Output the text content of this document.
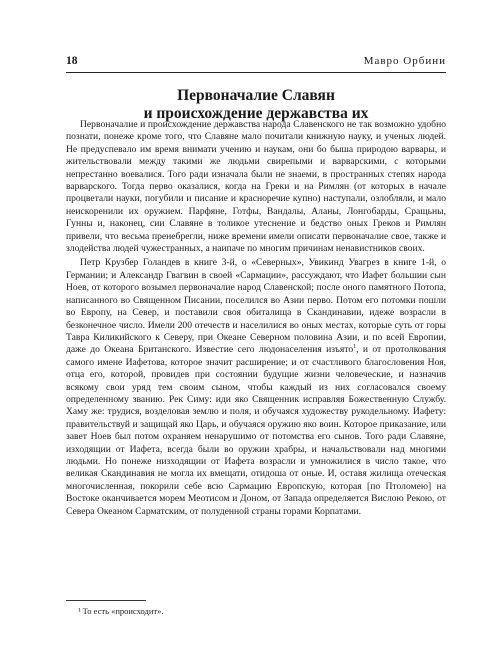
18	Мавро Орбини
Первоначалие Славян
и происхождение державства их

Первоначалие и происхождение державства народа Славенского не так возможно удобно познати, понеже кроме того, что Славяне мало почитали книжную науку, и ученых людей. Не предуспевало им время внимати учению и наукам, они бо быша природою варвары, и жительствовали между такими же людьми свирепыми и варварскими, с которыми непрестанно воевалися. Того ради изначала были не знаеми, в пространных степях народа варварского. Тогда перво оказалися, когда на Греки и на Римлян (от которых в начале процветали науки, погубили и писание и красноречие купно) наступали, озлобляли, и мало неискоренили их оружием. Парфяне, Готфы, Вандалы, Аланы, Лонгобарды, Сращьны, Гунны и, наконец, сии Славяне в толикое утеснение и бедство оных Греков и Римлян привели, что весьма пренебрегли, ниже времени имели описати первоначалие свое, также и злодейства людей чужестранных, а наипаче по многим причинам ненавистников своих.

Петр Крузбер Голандев в книге 3-й, о «Северных», Увикинд Увагрез в книге 1-й, о Германии; и Александр Гвагвин в своей «Сармации», рассуждают, что Иафет большии сын Ноев, от которого возымел первоначалие народ Славенской; после оного памятного Потопа, написанного во Священном Писании, поселился во Азии перво. Потом его потомки пошли во Европу, на Север, и поставили своя обиталища в Скандинавии, идеже возрасли в безконечное число. Имели 200 отечеств и населилися во оных местах, которые суть от горы Тавра Киликийского к Северу, при Океане Северном половина Азии, и по всей Европии, даже до Океана Британского. Известие сего людонаселения изъято$^1$, и от протолкования самого имене Иафетова, которое значит расширение; и от счастливого благословения Ноя, отца его, которой, провидев при состоянии будущие жизни человеческие, и назначив всякому свои уряд тем своим сыном, чтобы каждый из них согласовался своему определенному званию. Рек Симу: иди яко Священник исправляя Божественную Службу. Хаму же: трудися, возделовая землю и поля, и обучаяся художеству рукодельному. Иафету: правительствуй и защищай яко Царь, и обучаяся оружию яко воин. Которое приказание, или завет Ноев был потом охраняем ненарушимо от потомства его сынов. Того ради Славяне, изходящии от Иафета, всегда были во оружии храбры, и начальствовали над многими людьми. Но понеже низходящии от Иафета возрасли и умножилися в число такое, что великая Скандинавия не могла их вмещати, отидоша от оные. И, оставя жилища отеческая многочисленная, покорили себе всю Сармацию Европскую, которая [по Птоломею] на Востоке оканчивается морем Меотисом и Доном, от Запада определяется Вислою Рекою, от Севера Океаном Сарматским, от полуденной страны горами Корпатами.

¹ То есть «происходит».
